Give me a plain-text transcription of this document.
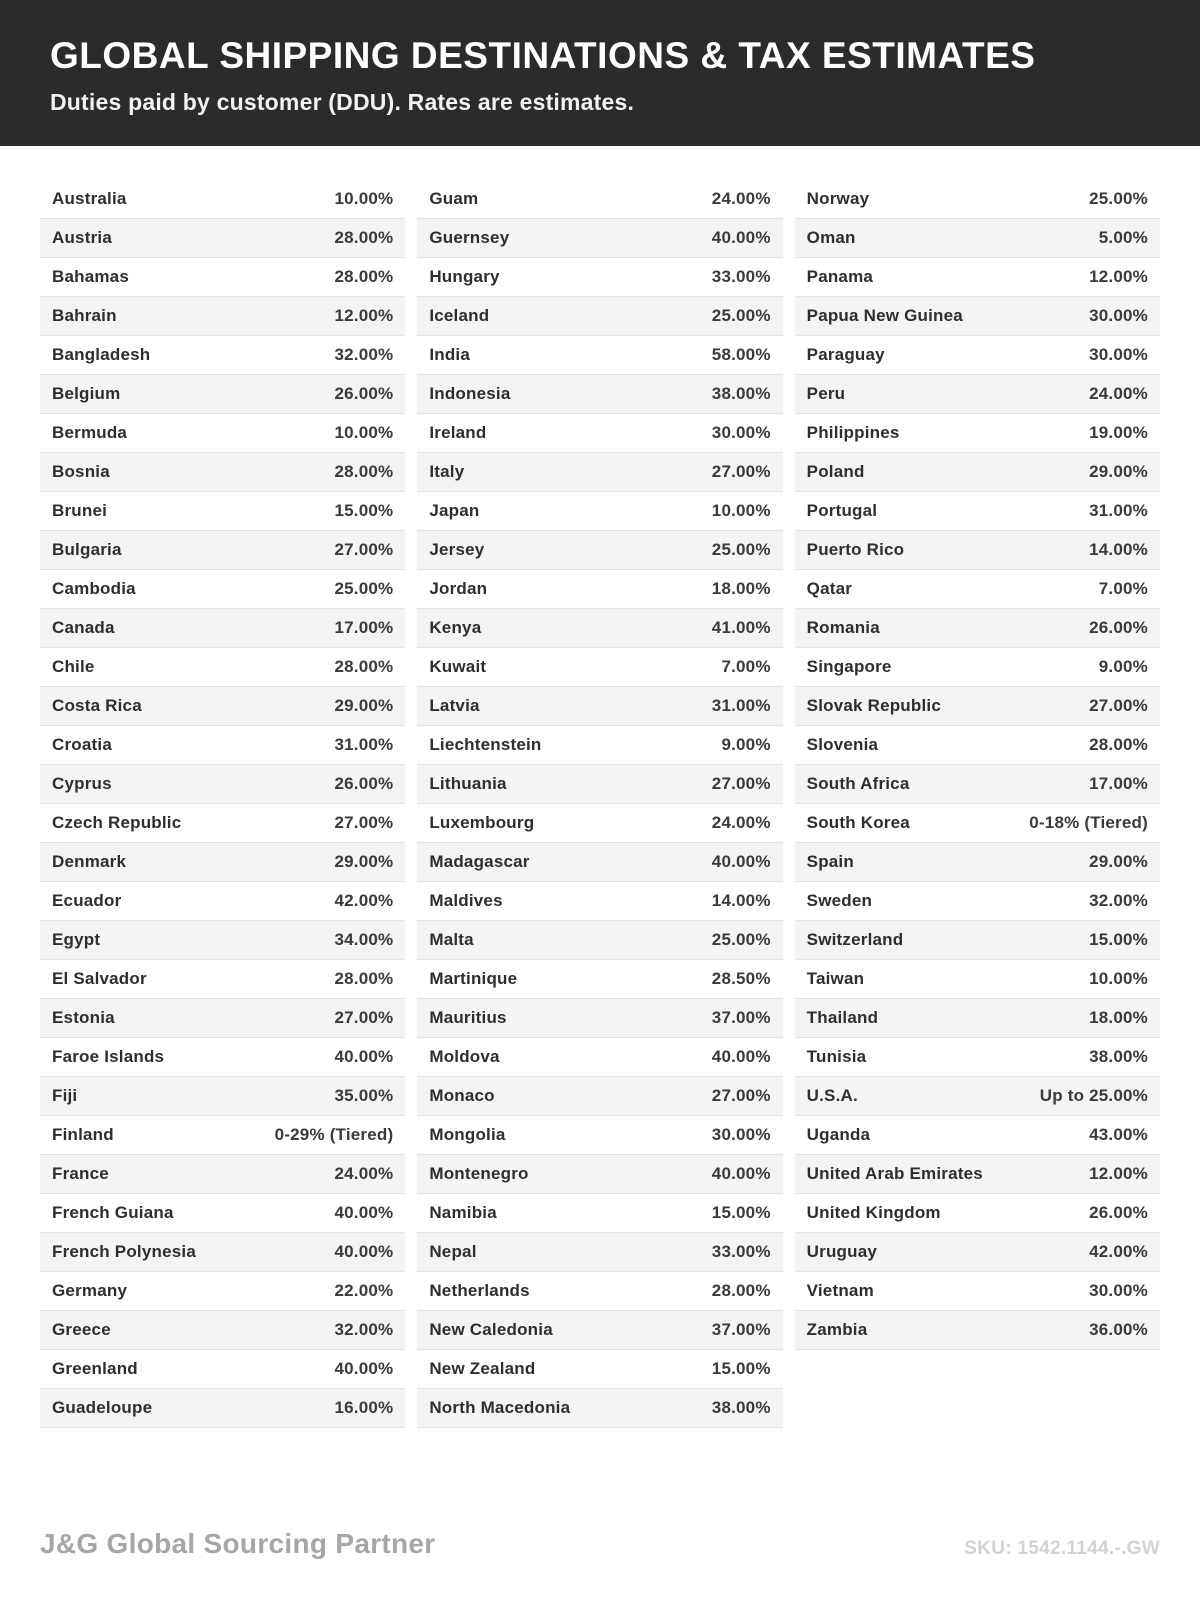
GLOBAL SHIPPING DESTINATIONS & TAX ESTIMATES

Duties paid by customer (DDU). Rates are estimates.

Australia	10.00%
Austria	28.00%
Bahamas	28.00%
Bahrain	12.00%
Bangladesh	32.00%
Belgium	26.00%
Bermuda	10.00%
Bosnia	28.00%
Brunei	15.00%
Bulgaria	27.00%
Cambodia	25.00%
Canada	17.00%
Chile	28.00%
Costa Rica	29.00%
Croatia	31.00%
Cyprus	26.00%
Czech Republic	27.00%
Denmark	29.00%
Ecuador	42.00%
Egypt	34.00%
El Salvador	28.00%
Estonia	27.00%
Faroe Islands	40.00%
Fiji	35.00%
Finland	0-29% (Tiered)
France	24.00%
French Guiana	40.00%
French Polynesia	40.00%
Germany	22.00%
Greece	32.00%
Greenland	40.00%
Guadeloupe	16.00%
Guam	24.00%
Guernsey	40.00%
Hungary	33.00%
Iceland	25.00%
India	58.00%
Indonesia	38.00%
Ireland	30.00%
Italy	27.00%
Japan	10.00%
Jersey	25.00%
Jordan	18.00%
Kenya	41.00%
Kuwait	7.00%
Latvia	31.00%
Liechtenstein	9.00%
Lithuania	27.00%
Luxembourg	24.00%
Madagascar	40.00%
Maldives	14.00%
Malta	25.00%
Martinique	28.50%
Mauritius	37.00%
Moldova	40.00%
Monaco	27.00%
Mongolia	30.00%
Montenegro	40.00%
Namibia	15.00%
Nepal	33.00%
Netherlands	28.00%
New Caledonia	37.00%
New Zealand	15.00%
North Macedonia	38.00%
Norway	25.00%
Oman	5.00%
Panama	12.00%
Papua New Guinea	30.00%
Paraguay	30.00%
Peru	24.00%
Philippines	19.00%
Poland	29.00%
Portugal	31.00%
Puerto Rico	14.00%
Qatar	7.00%
Romania	26.00%
Singapore	9.00%
Slovak Republic	27.00%
Slovenia	28.00%
South Africa	17.00%
South Korea	0-18% (Tiered)
Spain	29.00%
Sweden	32.00%
Switzerland	15.00%
Taiwan	10.00%
Thailand	18.00%
Tunisia	38.00%
U.S.A.	Up to 25.00%
Uganda	43.00%
United Arab Emirates	12.00%
United Kingdom	26.00%
Uruguay	42.00%
Vietnam	30.00%
Zambia	36.00%
J&G Global Sourcing Partner	SKU: 1542.1144.-.GW
